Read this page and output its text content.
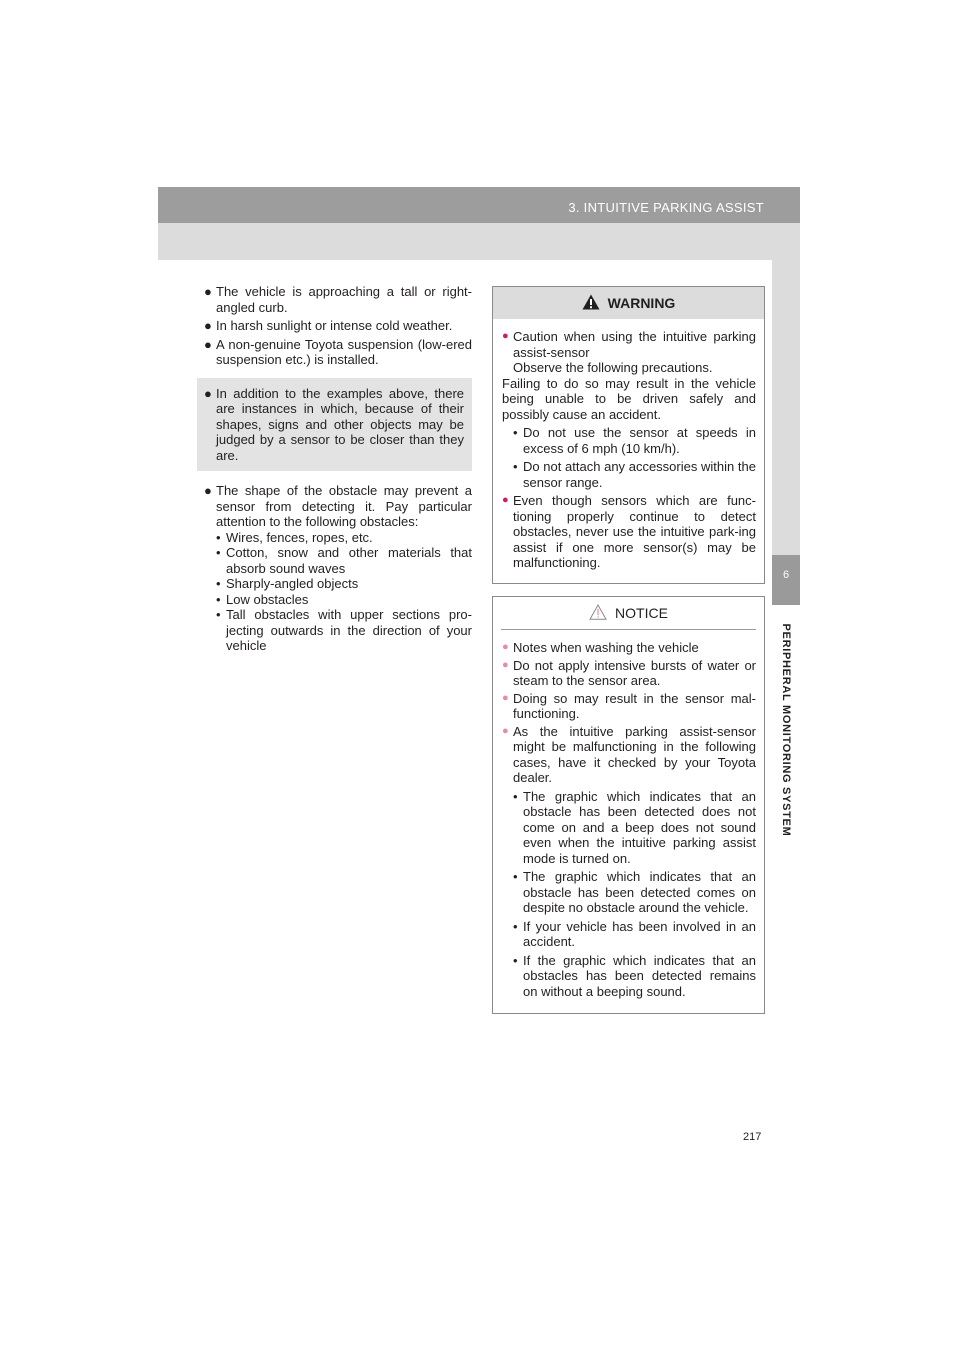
3. INTUITIVE PARKING ASSIST
6
PERIPHERAL MONITORING SYSTEM
● The vehicle is approaching a tall or right-angled curb.
● In harsh sunlight or intense cold weather.
● A non-genuine Toyota suspension (low-ered suspension etc.) is installed.
● In addition to the examples above, there are instances in which, because of their shapes, signs and other objects may be judged by a sensor to be closer than they are.
● The shape of the obstacle may prevent a sensor from detecting it. Pay particular attention to the following obstacles:
• Wires, fences, ropes, etc.
• Cotton, snow and other materials that absorb sound waves
• Sharply-angled objects
• Low obstacles
• Tall obstacles with upper sections pro-jecting outwards in the direction of your vehicle
WARNING
● Caution when using the intuitive parking assist-sensor
Observe the following precautions.
Failing to do so may result in the vehicle being unable to be driven safely and possibly cause an accident.
• Do not use the sensor at speeds in excess of 6 mph (10 km/h).
• Do not attach any accessories within the sensor range.
● Even though sensors which are func-tioning properly continue to detect obstacles, never use the intuitive park-ing assist if one more sensor(s) may be malfunctioning.
NOTICE
● Notes when washing the vehicle
● Do not apply intensive bursts of water or steam to the sensor area.
● Doing so may result in the sensor mal-functioning.
● As the intuitive parking assist-sensor might be malfunctioning in the following cases, have it checked by your Toyota dealer.
• The graphic which indicates that an obstacle has been detected does not come on and a beep does not sound even when the intuitive parking assist mode is turned on.
• The graphic which indicates that an obstacle has been detected comes on despite no obstacle around the vehicle.
• If your vehicle has been involved in an accident.
• If the graphic which indicates that an obstacles has been detected remains on without a beeping sound.
217
